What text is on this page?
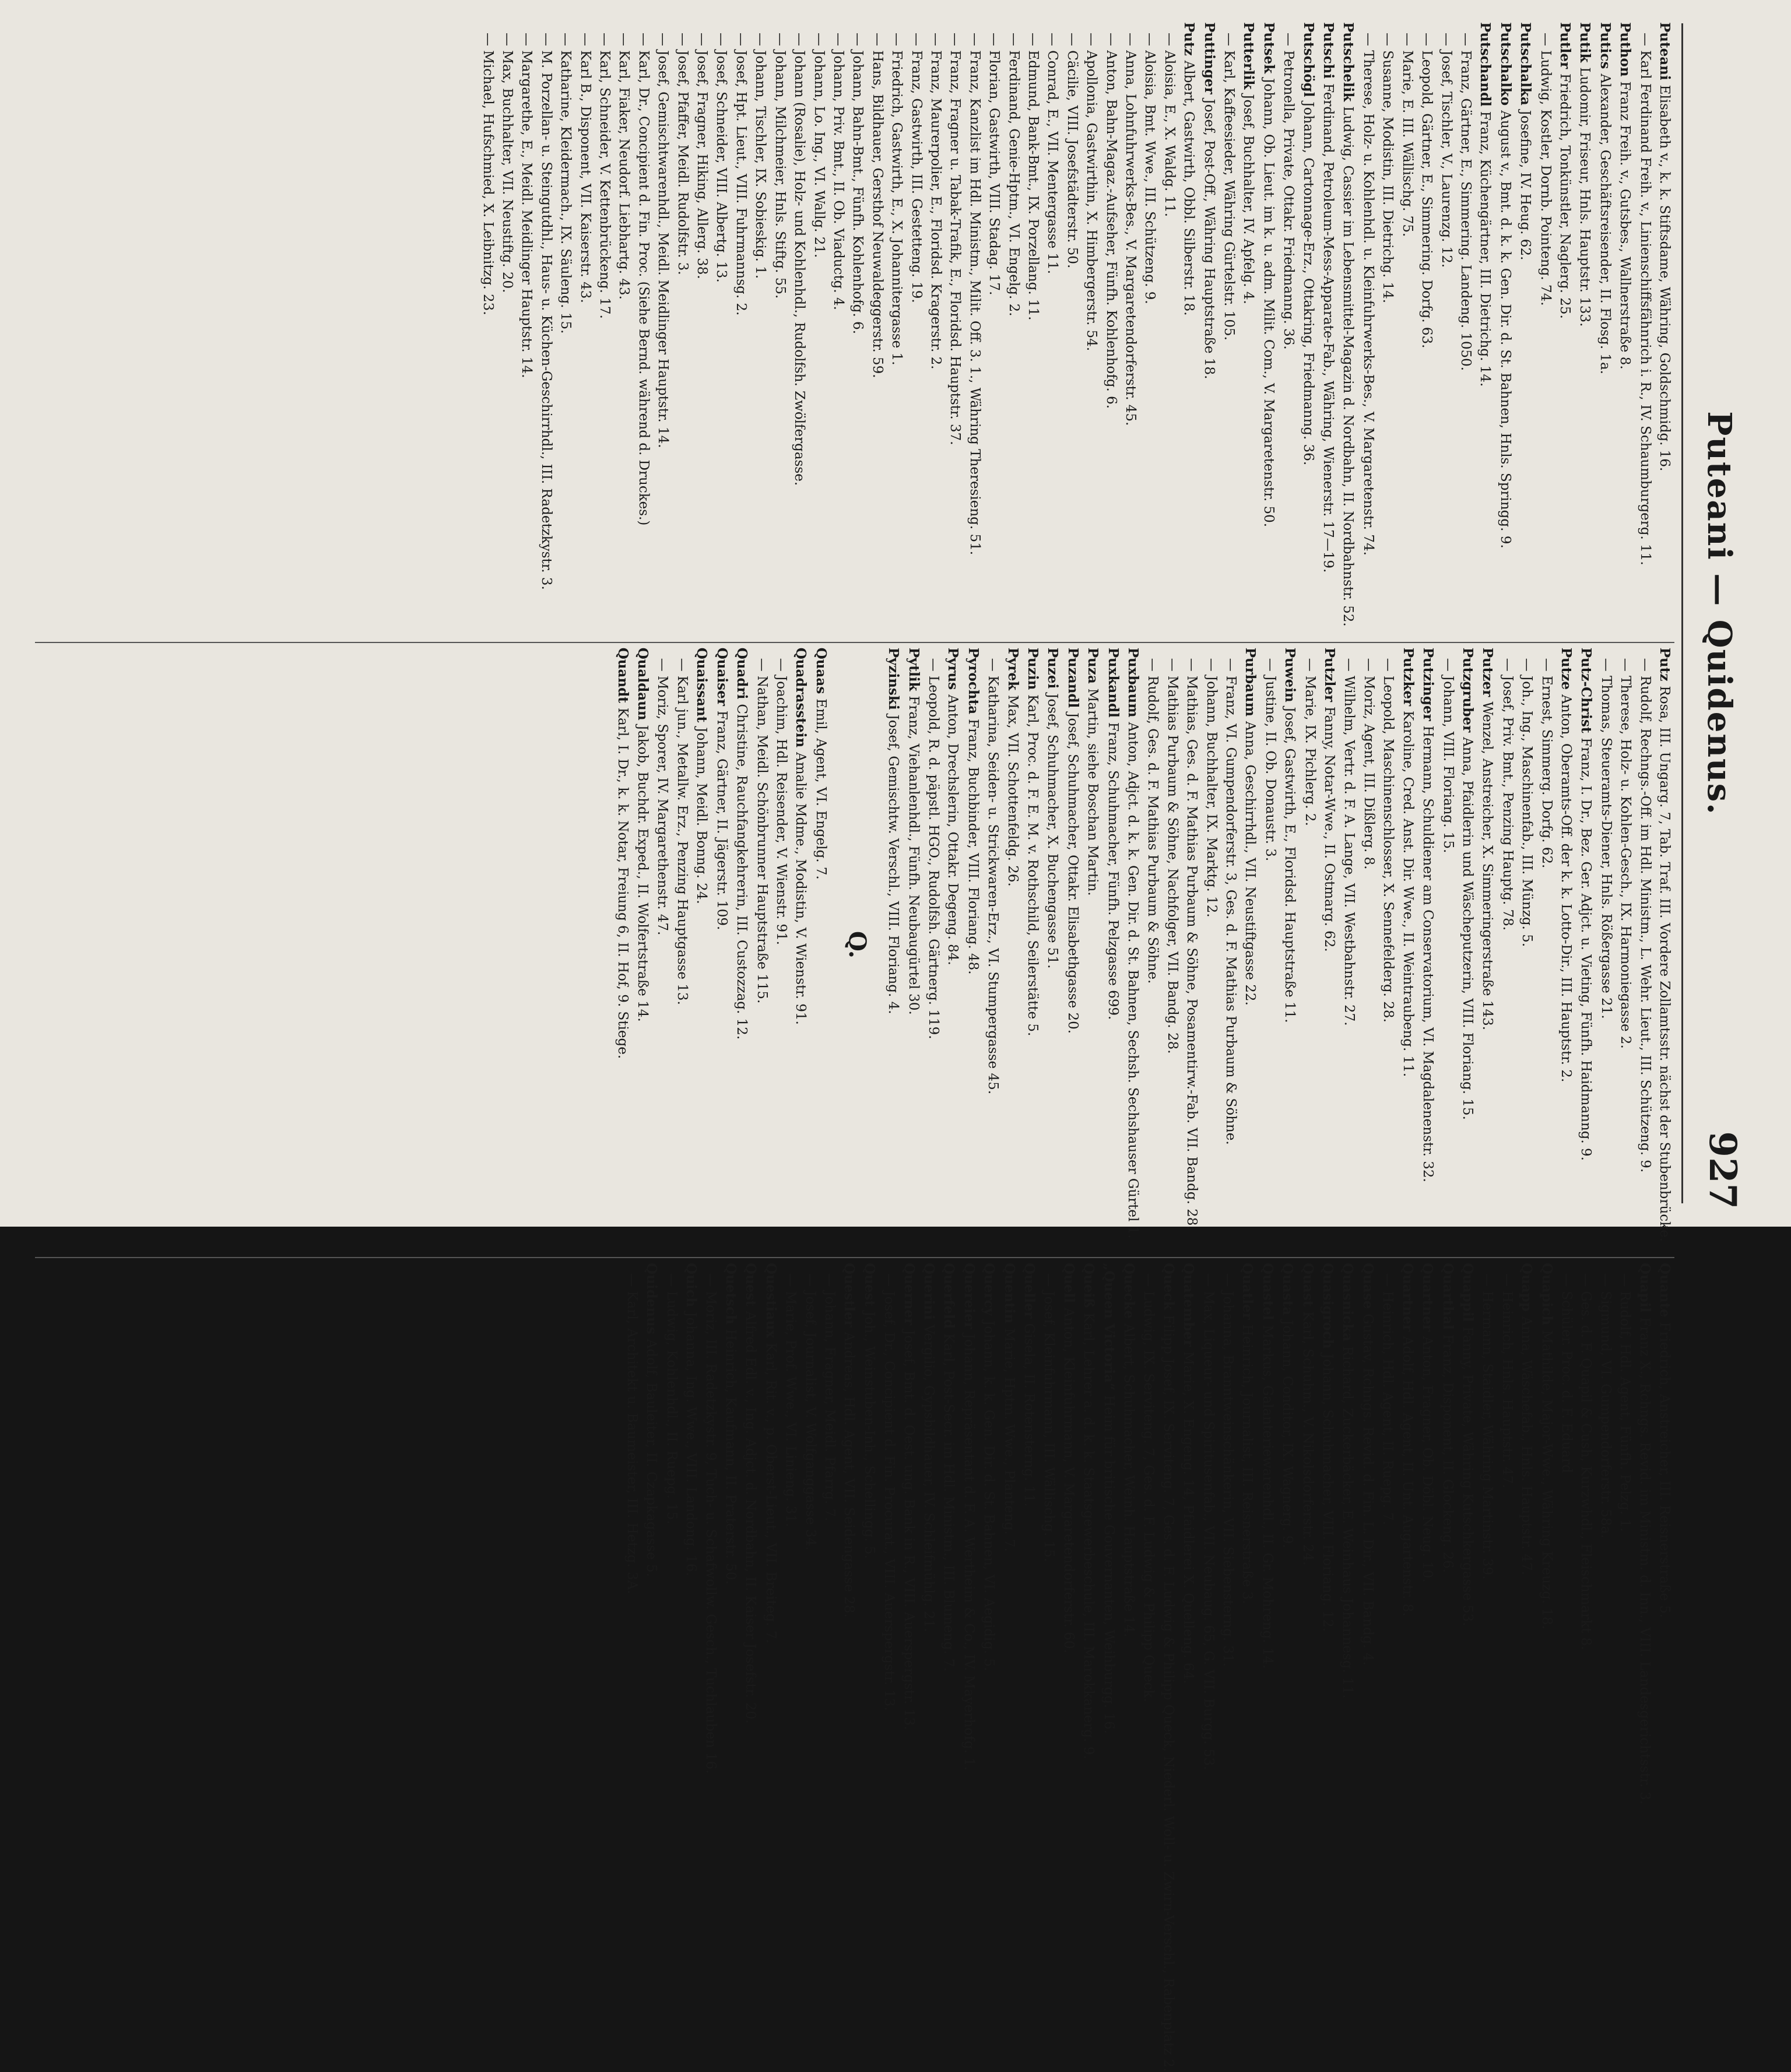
Puteani — Quidenus.
927
Puteani Elisabeth v., k. k. Stiftsdame, Währing, Goldschmidg. 16.
— Karl Ferdinand Freih. v., Linienschiffsfähnrich i. R., IV. Schaumburgerg. 11.
Puthon Franz Freih. v., Gutsbes., Wallnerstraße 8.
Putics Alexander, Geschäftsreisender, II. Flosg. 1a.
Putik Ludomir, Friseur, Hnls. Hauptstr. 133.
Putler Friedrich, Tonkünstler, Naglerg. 25.
— Ludwig, Kostler, Dornb. Pointeng. 74.
Putschalka Josefine, IV. Heug. 62.
Putschalko August v., Bmt. d. k. k. Gen. Dir. d. St. Bahnen, Hnls. Springg. 9.
Putschandl Franz, Küchengärtner, III. Dietrichg. 14.
— Franz, Gärtner, E., Simmering. Landeng. 1050.
— Josef, Tischler, V., Laurenzg. 12.
— Leopold, Gärtner, E., Simmering. Dorfg. 63.
— Marie, E. III. Wällischg. 75.
— Susanne, Modistin, III. Dietrichg. 14.
— Therese, Holz- u. Kohlenhdl. u. Kleinfuhrwerks-Bes., V. Margaretenstr. 74.
Putschelik Ludwig, Cassier im Lebensmittel-Magazin d. Nordbahn, II. Nordbahnstr. 52.
Putschi Ferdinand, Petroleum-Mess-Apparate-Fab., Währing, Wienerstr. 17—19.
Putschögl Johann, Cartonnage-Erz., Ottakring, Friedmanng. 36.
— Petronella, Private, Ottakr. Friedmanng. 36.
Putsek Johann, Ob. Lieut. im k. u. adm. Milit. Com., V. Margaretenstr. 50.
Putterlik Josef, Buchhalter, IV. Apfelg. 4.
— Karl, Kaffeesieder, Währing Gürtelstr. 105.
Puttinger Josef, Post-Off., Währing Hauptstraße 18.
Putz Albert, Gastwirth, Obbl. Silberstr. 18.
— Aloisia, E., X. Waldg. 11.
— Aloisia, Bmt. Wwe., III. Schützeng. 9.
— Anna, Lohnfuhrwerks-Bes., V. Margaretendorferstr. 45.
— Anton, Bahn-Magaz.-Aufseher, Fünfh. Kohlenhofg. 6.
— Apollonia, Gastwirthin, X. Himbergerstr. 54.
— Cäcilie, VIII. Josefstädterstr. 50.
— Conrad, E., VII. Mentergasse 11.
— Edmund, Bank-Bmt., IX. Porzellang. 11.
— Ferdinand, Genie-Hptm., VI. Engelg. 2.
— Florian, Gastwirth, VIII. Stadag. 17.
— Franz, Kanzlist im Hdl. Ministm., Milit. Off. 3. 1., Währing Theresieng. 51.
— Franz, Fragner u. Tabak-Trafik, E., Floridsd. Hauptstr. 37.
— Franz, Maurerpolier, E., Floridsd. Kragerstr. 2.
— Franz, Gastwirth, III. Gestetteng. 19.
— Friedrich, Gastwirth, E., X. Johannitergasse 1.
— Hans, Bildhauer, Gersthof Neuwaldeggerstr. 59.
— Johann, Bahn-Bmt., Fünfh. Kohlenhofg. 6.
— Johann, Priv. Bmt., II. Ob. Viaductg. 4.
— Johann, Lo. Ing., VI. Wallg. 21.
— Johann (Rosalie), Holz- und Kohlenhdl., Rudolfsh. Zwölfergasse.
— Johann, Milchmeier, Hnls. Stiftg. 55.
— Johann, Tischler, IX. Sobieskig. 1.
— Josef, Hpt. Lieut., VIII. Fuhrmannsg. 2.
— Josef, Schneider, VIII. Albertg. 13.
— Josef, Fragner, Hiking, Allerg. 38.
— Josef, Pfaffer, Meidl. Rudolfstr. 3.
— Josef, Gemischtwarenhdl., Meidl. Meidlinger Hauptstr. 14.
— Karl, Dr., Concipient d. Fin. Proc. (Siehe Bernd. während d. Druckes.)
— Karl, Fiaker, Neudorf. Liebhartg. 43.
— Karl, Schneider, V. Kettenbrückeng. 17.
— Karl B., Disponent, VII. Kaiserstr. 43.
— Katharine, Kleidermach., IX. Säuleng. 15.
— M. Porzellan- u. Steingutdhl., Haus- u. Küchen-Geschirrhdl., III. Radetzkystr. 3.
— Margarethe, E., Meidl. Meidlinger Hauptstr. 14.
— Max, Buchhalter, VII. Neustiftg. 20.
— Michael, Hufschmied, X. Leibnitzg. 23.
Putz Rosa, III. Ungarg. 7, Tab. Traf. III. Vordere Zollamtsstr. nächst der Stubenbrücke.
— Rudolf, Rechngs.-Off. im Hdl. Ministm., L. Wehr. Lieut., III. Schützeng. 9.
— Therese, Holz- u. Kohlen-Gesch., IX. Harmoniegasse 2.
— Thomas, Steueramts-Diener, Hnls. Rößergasse 21.
Putz-Christ Franz, I. Dr., Bez. Ger. Adjct. u. Vieting, Fünfh. Haidmanng. 9.
Putze Anton, Oberamts-Off. der k. k. Lotto-Dir., III. Hauptstr. 2.
— Ernest, Simmerg. Dorfg. 62.
— Joh., Ing., Maschinenfab., III. Münzg. 5.
— Josef, Priv. Bmt., Penzing Hauptg. 78.
Putzer Wenzel, Anstreicher, X. Simmeringerstraße 143.
Putzgruber Anna, Pfaidlerin und Wäscheputzerin, VIII. Floriang. 15.
— Johann, VIII. Floriang. 15.
Putzinger Hermann, Schuldiener am Conservatorium, VI. Magdalenenstr. 32.
Putzker Karoline, Cred. Anst. Dir. Wwe., II. Weintraubeng. 11.
— Leopold, Maschinenschlosser, X. Sennefelderg. 28.
— Moriz, Agent, III. Dißlerg. 8.
— Wilhelm, Vertr. d. F. A. Lange, VII. Westbahnstr. 27.
Putzler Fanny, Notar-Wwe., II. Ostmarg. 62.
— Marie, IX. Pichlerg. 2.
Puwein Josef, Gastwirth, E., Floridsd. Hauptstraße 11.
— Justine, II. Ob. Donaustr. 3.
Purbaum Anna, Geschirrhdl., VII. Neustiftgasse 22.
— Franz, VI. Gumpendorferstr. 3, Ges. d. F. Mathias Purbaum & Söhne.
— Johann, Buchhalter, IX. Marktg. 12.
— Mathias, Ges. d. F. Mathias Purbaum & Söhne, Posamentirw.-Fab. VII. Bandg. 28.
— Mathias Purbaum & Söhne, Nachfolger, VII. Bandg. 28.
— Rudolf, Ges. d. F. Mathias Purbaum & Söhne.
Puxbaum Anton, Adjct. d. k. k. Gen. Dir. d. St. Bahnen, Sechsh. Sechshauser Gürtel 1.
Puxkandl Franz, Schuhmacher, Fünfh. Pelzgasse 699.
Puza Martin, siehe Boschan Martin.
Puzandl Josef, Schuhmacher, Ottakr. Elisabethgasse 20.
Puzei Josef, Schuhmacher, X. Buchengasse 51.
Puzin Karl, Proc. d. F. E. M. v. Rothschild, Seilerstätte 5.
Pyrek Max, VII. Schottenfeldg. 26.
— Katharina, Seiden- u. Strickwaren-Erz., VI. Stumpergasse 45.
Pyrochta Franz, Buchbinder, VIII. Floriang. 48.
Pyrus Anton, Drechslerin, Ottakr. Degeng. 84.
— Leopold, R. d. päpstl. HGO., Rudolfsh. Gärtnerg. 119.
Pytlik Franz, Viehanlenhdl., Fünfh. Neubaugürtel 30.
Pyzinski Josef, Gemischtw. Verschl., VIII. Floriang. 4.
Q.
Quaas Emil, Agent, VI. Engelg. 7.
Quadrasstein Amalie Mdme., Modistin, V. Wienstr. 91.
— Joachim, Hdl. Reisender, V. Wienstr. 91.
— Nathan, Meidl. Schönbrunner Hauptstraße 115.
Quadri Christine, Rauchfangkehrerin, III. Custozzag. 12.
Quaiser Franz, Gärtner, II. Jägerstr. 109.
Quaissant Johann, Meidl. Bonng. 24.
— Karl jun., Metallw. Erz., Penzing Hauptgasse 13.
— Moriz, Sporer, IV. Margarethenstr. 47.
Qualdaun Jakob, Buchdr. Exped., II. Wolfertstraße 14.
Quandt Karl, I. Dr., k. k. Notar, Freiung 6, II. Hof, 9. Stiege.
Quante Friedrich, Anstreicher, III. Reisnerstraße 5.
Quapil Franz X., Rchngs. Revid. im Ministm. d. Inn., VIII. Landesgerichtsstr. 3.
— Rudolf, Hdl. Agent, Fünfh. Pelzg. 1.
— Sigmund, VI. Gumpendorferstr. 58a.
— Ges. d. F. Quapil & Cush, Kurzwhdl., Fleischmarkt 8.
— Schüler. Proc. d. F. Eduard
Quapich Mathilde, Major-Wwe., Währing Kreuzg. 18.
Quapp Anna, Wäschefab., Hnls. Hauptstr. 47.
— Heinrich, Hnls. Hauptstr. 47.
— Hermann, Staidler, Währing Martinstr. 39.
Quappil Fanny, Private, Währing Kutschkergasse 53.
Quarthal Franz, Disponent, II. Glockeng. 26.
Quartner Anton, Fragner, Ob. Döbl. Neug. 10.
Quartner Adolf, Hdl. Agent, II. Unt. Augartenstr. 8.
— Heinrich, Hdl. Agent, II. Ruepg. 7.
Quase Gustav, Rchngs. Revid. d. Fin. L. Dir., VII. Bandg. 4.
Quasnicka Richard, Zuckerbäcker, E. Weinhaus Johannesg. 11.
Quasigroch Johann, Schuhmacher, VIII. Floriang. 12.
Quast Karl, Schuhm., V. Nikolsdorferstr. 24.
Quasta Johann, Conditor, IX. Wagnerg. 9.
Quastel Markus, Galanteriewarenhdl., II. Gr. Mohreng. 14.
Quatler Heinrich, Journalist, III. Reisnerstraße 3.
— Johanna, Branntweinschänkerin, VII. Siebensterng. 31.
— Max, Liqueur- und Spiritusenfab., VII. Neubaug. 65, G. VII. Burgg. 53.
Quatember Marie, X. Engeng. 14, Pfaidlerei X. Quelleng. 64.
Queck Filipp Josef, IX. Serviteng. 7, Ges. d. F. Ludwig & Philipp Queck, Niederl. Woll- u. Zwirn-Verschl., Rabenplatz 2.
— Ludwig, IX. Serviteng. 7, Ges. d. F. Ludwig & Philipp Queck.
Quecke Albert, Schuhmacher, Weinh. Hauptstraße 14.
„Queen Victoria“ Heim für britische Gouvernanten, Weihburgg. 16.
Queiß Karl, Lehrer a. d. k. k. Staatsgewerbeschule, III. Marokkanerg. 9.
Quell Anton, Kleinfuhrmann, V. Margaretendorferstr. 60.
— Josef, Kleinfuhrmann, III. Wällischg. 15.
Queller Gisela, II. Rotensterng. 11.
Quentin Marie, Hptm. Wwe., Planteng. 7.
Quercy Johann, k. k. Gen. Dir. d. St. Bahnen, VI. Aegidig. 5.
Quereier Johann, Repräsentant d. F. A. Wertheim & Co., IV. Mayerhofg. 1.
Querfeld Karl, Post-Secr. im Hdl. Ministm., III. Blumeng. 7.
Querini Vergilio, Gypsbildhauer, IV. Schleifmühlg. 21.
Querner Josef, Bmt. d. Oest. ung. Bank in R., VIII. Auerspergstr. 13.
— Josef, Dr., Concipient d. Fin. Procurat., VIII. Auerspergstr. 13.
Quest Joh., Weinstuben-Inh., Schellingg. 5.
Questler Andreas, Hdl. Agent, VII. Seidengasse 28.
— Johann, Fragner, Meidl. Pfarrg. 7.
— Josef, Journalist, V. Wolfganggasse 34.
— Marie, Prof. Wwe., VI. Linieng. 31.
Questiaux Karl, Rit. v., p. Oberst-Lieut., VII. Breiteg. 7.
Quest Alfred Edl. v., Ing. Adjct. d. Nordbahn, II. Kaiser Josefstr. 20.
Quetsch Heinrich, Kaufmann, II. Praterstr. 50.
— Moriz, III. Radetzkystr. 9, Tuch- u. Schafwollw. Gesch., Tuchlauben 16.
Quich Johanna, Ing. Wwe., VIII. Landong. 16.
— Ludwig, Kohlenhdl., II. Ruepg. 15.
Quidenus Adolf, Bauleiter, II. Czapkagasse 5.
— Karl, Architekt u. Baumeister, III. Hetzg. 3A.
